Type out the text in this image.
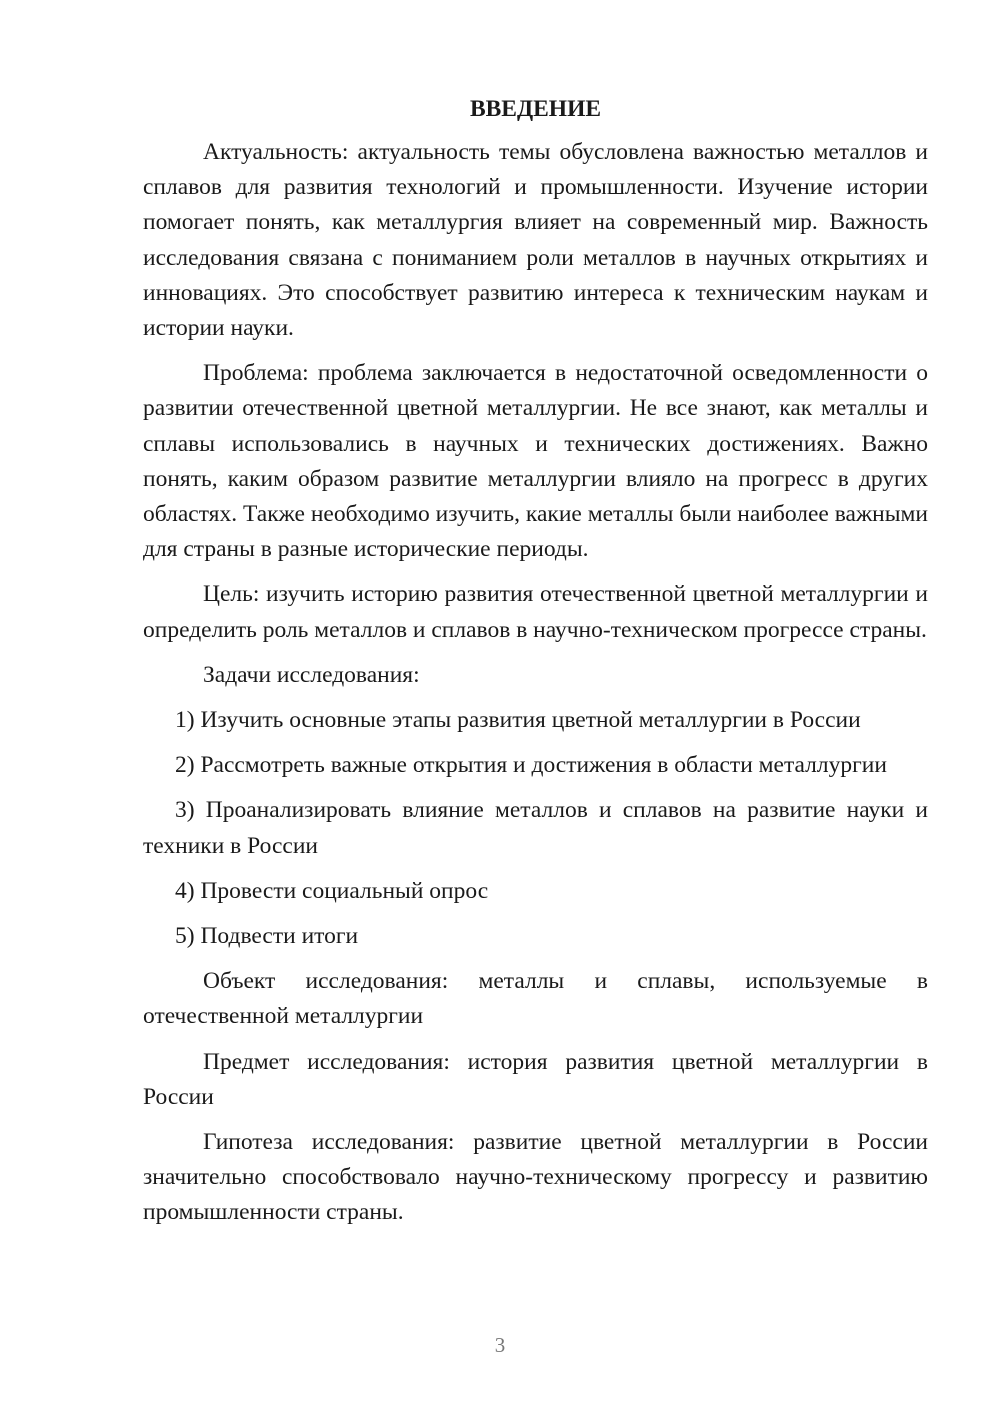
ВВЕДЕНИЕ

Актуальность: актуальность темы обусловлена важностью металлов и сплавов для развития технологий и промышленности. Изучение истории помогает понять, как металлургия влияет на современный мир. Важность исследования связана с пониманием роли металлов в научных открытиях и инновациях. Это способствует развитию интереса к техническим наукам и истории науки.

Проблема: проблема заключается в недостаточной осведомленности о развитии отечественной цветной металлургии. Не все знают, как металлы и сплавы использовались в научных и технических достижениях. Важно понять, каким образом развитие металлургии влияло на прогресс в других областях. Также необходимо изучить, какие металлы были наиболее важными для страны в разные исторические периоды.

Цель: изучить историю развития отечественной цветной металлургии и определить роль металлов и сплавов в научно-техническом прогрессе страны.

Задачи исследования:

1) Изучить основные этапы развития цветной металлургии в России

2) Рассмотреть важные открытия и достижения в области металлургии

3) Проанализировать влияние металлов и сплавов на развитие науки и техники в России

4) Провести социальный опрос

5) Подвести итоги

Объект исследования: металлы и сплавы, используемые в отечественной металлургии

Предмет исследования: история развития цветной металлургии в России

Гипотеза исследования: развитие цветной металлургии в России значительно способствовало научно-техническому прогрессу и развитию промышленности страны.

3
